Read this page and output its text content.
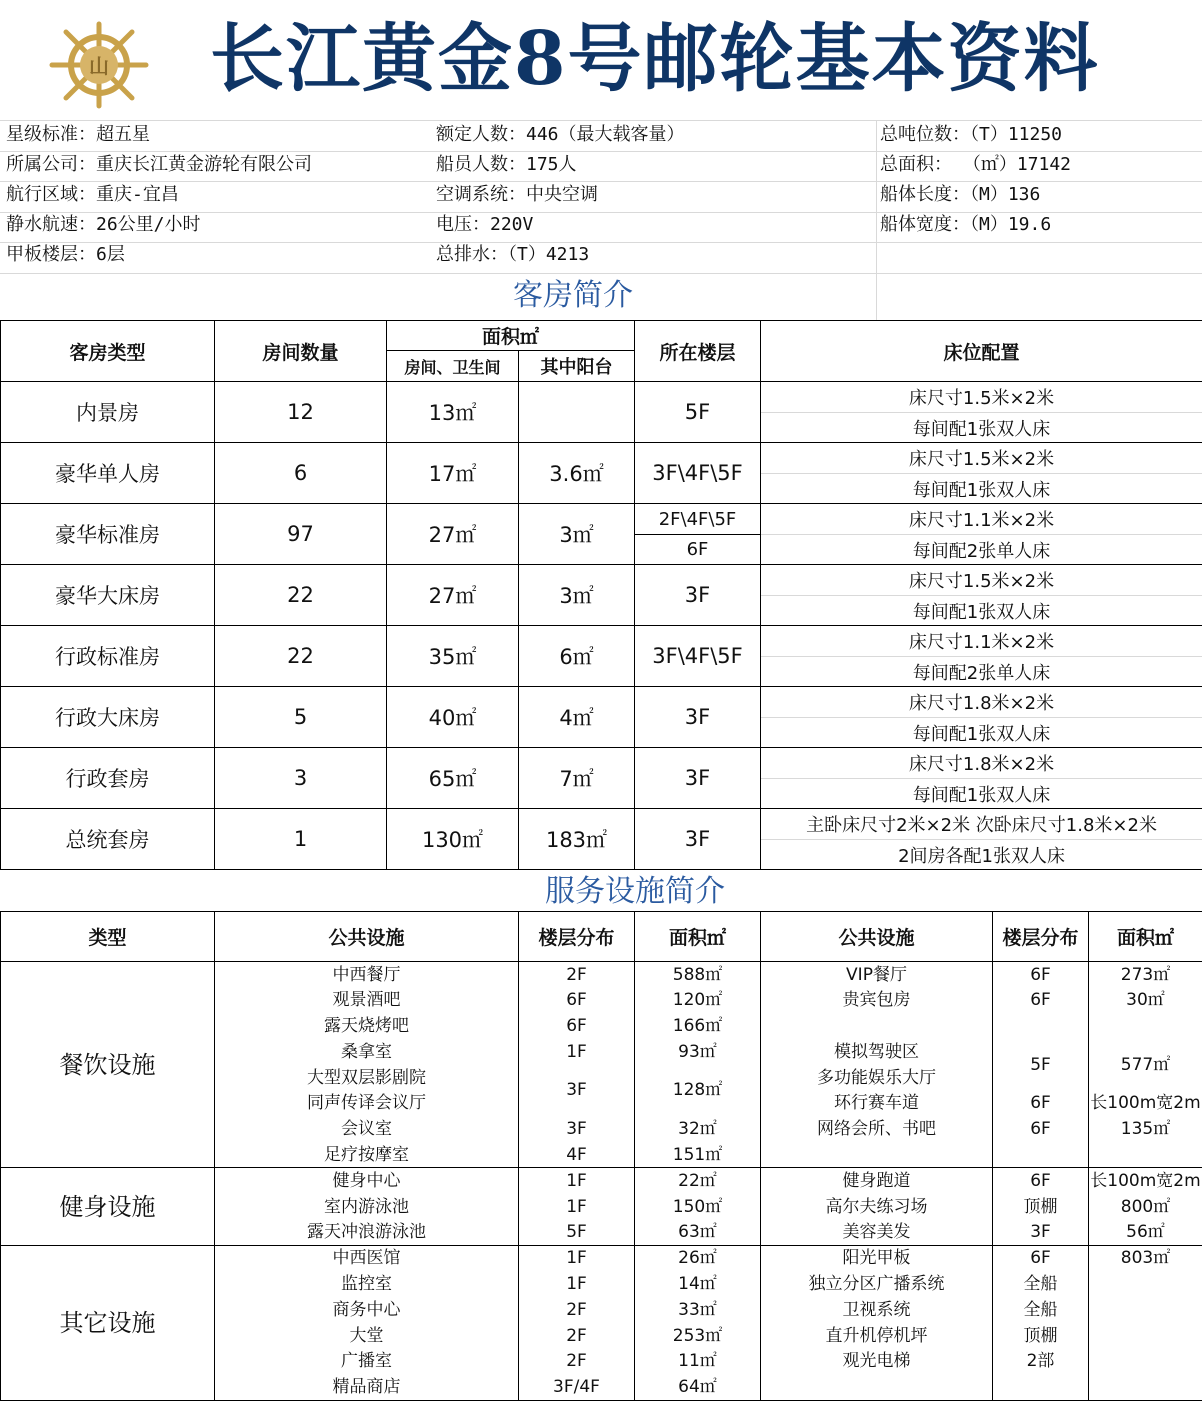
山 长江黄金8号邮轮基本资料
星级标准：超五星
所属公司：重庆长江黄金游轮有限公司
航行区域：重庆-宜昌
静水航速：26公里/小时
甲板楼层：6层
额定人数：446（最大载客量）
船员人数：175人
空调系统：中央空调
电压：220V
总排水：（T）4213
总吨位数：（T）11250
总面积： （㎡）17142
船体长度：（M）136
船体宽度：（M）19.6
客房简介
客房类型	房间数量	面积㎡		所在楼层	床位配置
		房间、卫生间	其中阳台		
内景房	12	13㎡		5F	床尺寸1.5米×2米
					每间配1张双人床
豪华单人房	6	17㎡	3.6㎡	3F\4F\5F	床尺寸1.5米×2米
					每间配1张双人床
豪华标准房	97	27㎡	3㎡	2F\4F\5F	床尺寸1.1米×2米
				6F	每间配2张单人床
豪华大床房	22	27㎡	3㎡	3F	床尺寸1.5米×2米
					每间配1张双人床
行政标准房	22	35㎡	6㎡	3F\4F\5F	床尺寸1.1米×2米
					每间配2张单人床
行政大床房	5	40㎡	4㎡	3F	床尺寸1.8米×2米
					每间配1张双人床
行政套房	3	65㎡	7㎡	3F	床尺寸1.8米×2米
					每间配1张双人床
总统套房	1	130㎡	183㎡	3F	主卧床尺寸2米×2米 次卧床尺寸1.8米×2米
					2间房各配1张双人床
服务设施简介
类型	公共设施	楼层分布	面积㎡	公共设施	楼层分布	面积㎡
餐饮设施	中西餐厅	2F	588㎡	VIP餐厅	6F	273㎡
	观景酒吧	6F	120㎡	贵宾包房	6F	30㎡
	露天烧烤吧	6F	166㎡			
	桑拿室	1F	93㎡	模拟驾驶区	5F	577㎡
	大型双层影剧院	3F	128㎡	多功能娱乐大厅		
	同声传译会议厅			环行赛车道	6F	长100m宽2m
	会议室	3F	32㎡	网络会所、书吧	6F	135㎡
	足疗按摩室	4F	151㎡			
健身设施	健身中心	1F	22㎡	健身跑道	6F	长100m宽2m
	室内游泳池	1F	150㎡	高尔夫练习场	顶棚	800㎡
	露天冲浪游泳池	5F	63㎡	美容美发	3F	56㎡
其它设施	中西医馆	1F	26㎡	阳光甲板	6F	803㎡
	监控室	1F	14㎡	独立分区广播系统	全船	
	商务中心	2F	33㎡	卫视系统	全船	
	大堂	2F	253㎡	直升机停机坪	顶棚	
	广播室	2F	11㎡	观光电梯	2部	
	精品商店	3F/4F	64㎡			
